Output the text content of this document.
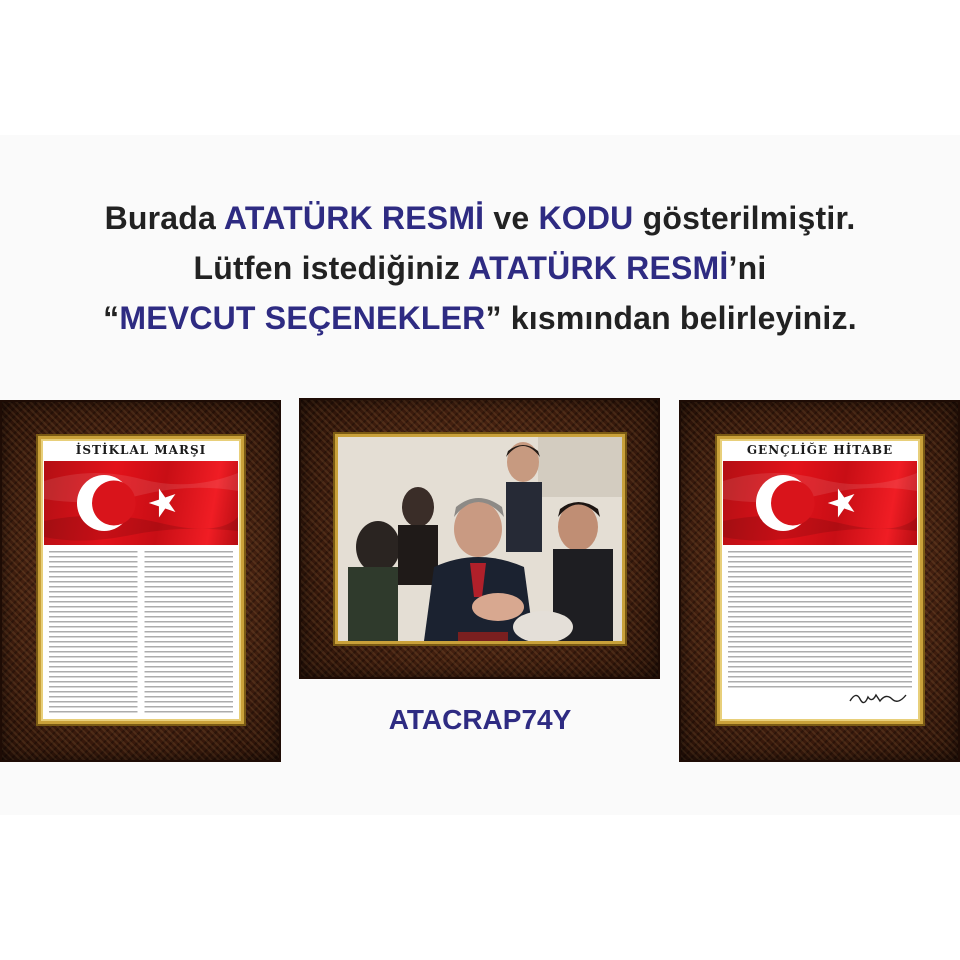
Burada ATATÜRK RESMİ ve KODU gösterilmiştir.
Lütfen istediğiniz ATATÜRK RESMİ’ni
“MEVCUT SEÇENEKLER” kısmından belirleyiniz.
İSTİKLAL MARŞI
ATACRAP74Y
GENÇLİĞE HİTABE
